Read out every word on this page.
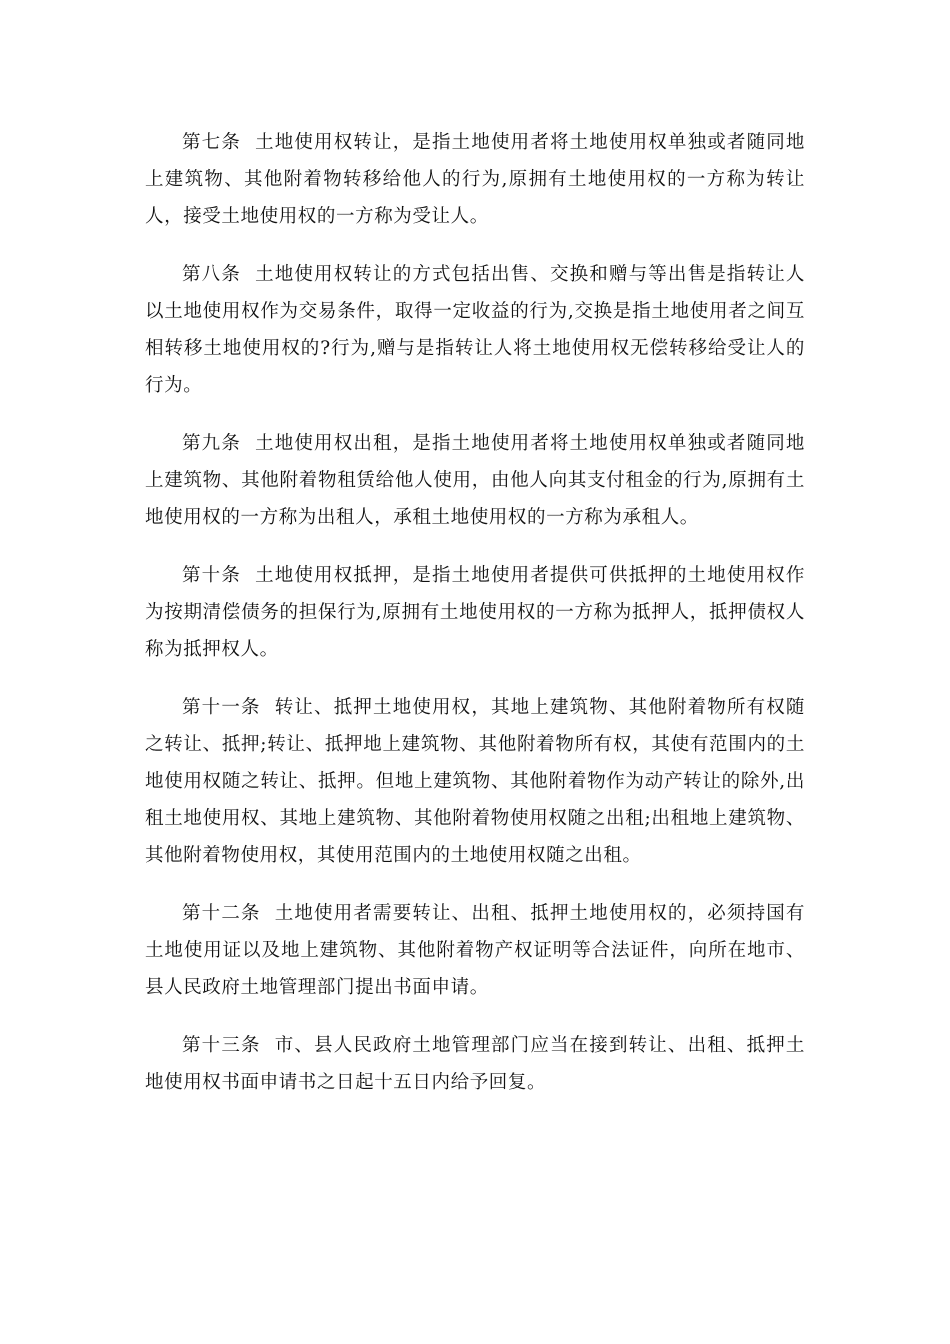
第七条 土地使用权转让，是指土地使用者将土地使用权单独或者随同地上建筑物、其他附着物转移给他人的行为,原拥有土地使用权的一方称为转让人，接受土地使用权的一方称为受让人。

第八条 土地使用权转让的方式包括出售、交换和赠与等出售是指转让人以土地使用权作为交易条件，取得一定收益的行为,交换是指土地使用者之间互相转移土地使用权的?行为,赠与是指转让人将土地使用权无偿转移给受让人的行为。

第九条 土地使用权出租，是指土地使用者将土地使用权单独或者随同地上建筑物、其他附着物租赁给他人使用，由他人向其支付租金的行为,原拥有土地使用权的一方称为出租人，承租土地使用权的一方称为承租人。

第十条 土地使用权抵押，是指土地使用者提供可供抵押的土地使用权作为按期清偿债务的担保行为,原拥有土地使用权的一方称为抵押人，抵押债权人称为抵押权人。

第十一条 转让、抵押土地使用权，其地上建筑物、其他附着物所有权随之转让、抵押;转让、抵押地上建筑物、其他附着物所有权，其使有范围内的土地使用权随之转让、抵押。但地上建筑物、其他附着物作为动产转让的除外,出租土地使用权、其地上建筑物、其他附着物使用权随之出租;出租地上建筑物、其他附着物使用权，其使用范围内的土地使用权随之出租。

第十二条 土地使用者需要转让、出租、抵押土地使用权的，必须持国有土地使用证以及地上建筑物、其他附着物产权证明等合法证件，向所在地市、县人民政府土地管理部门提出书面申请。

第十三条 市、县人民政府土地管理部门应当在接到转让、出租、抵押土地使用权书面申请书之日起十五日内给予回复。
